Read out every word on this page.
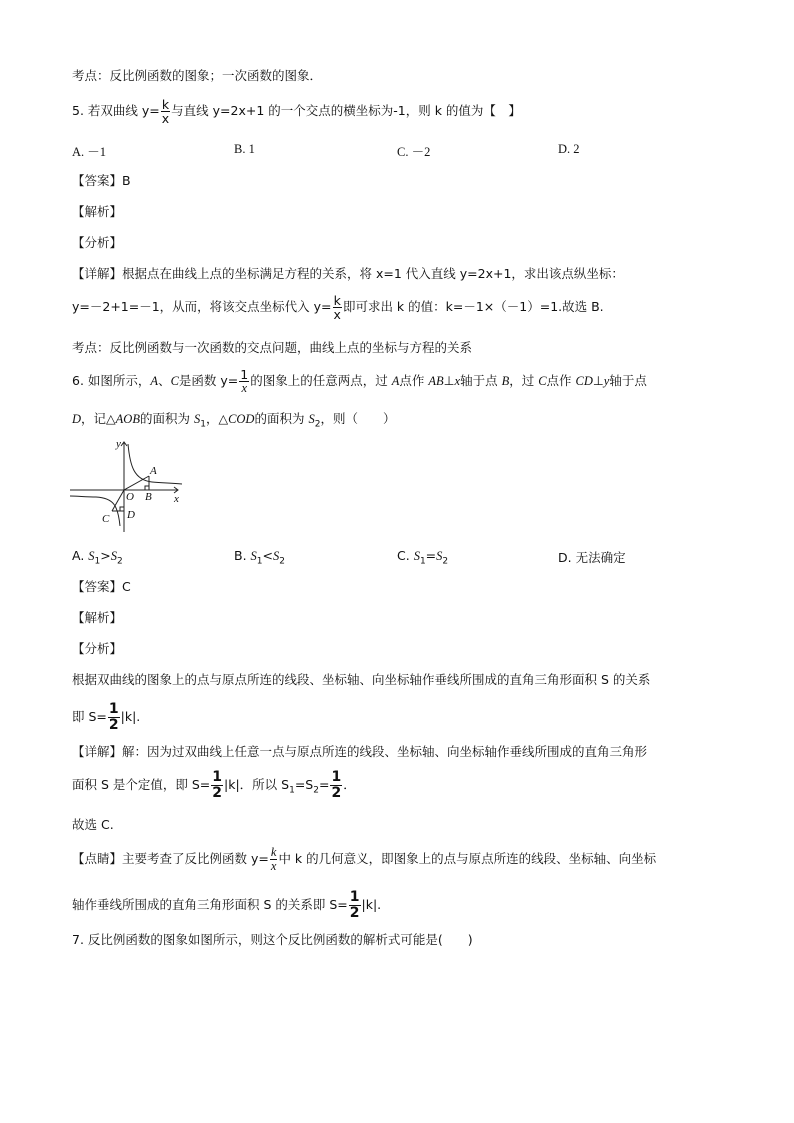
考点：反比例函数的图象；一次函数的图象．
5. 若双曲线 $y= \frac{k}{x}$ 与直线 y=2x+1 的一个交点的横坐标为-1，则 k 的值为【　】
A. －1	B. 1	C. －2	D. 2
【答案】B
【解析】
【分析】
【详解】根据点在曲线上点的坐标满足方程的关系，将 x=1 代入直线 y=2x+1，求出该点纵坐标：
y=－2+1=－1，从而，将该交点坐标代入 $y= \frac{k}{x}$ 即可求出 k 的值：k=－1×（－1）=1.故选 B.
考点：反比例函数与一次函数的交点问题，曲线上点的坐标与方程的关系
6. 如图所示，A、C是函数 $y= \frac{1}{x}$ 的图象上的任意两点，过 A点作 AB⊥x轴于点 B，过 C点作 CD⊥y轴于点
D，记△AOB的面积为 $S_1$，△COD的面积为 $S_2$，则（　　）
y
A
B
O	x
C D
A. $S_1>S_2$	B. $S_1<S_2$	C. $S_1=S_2$	D. 无法确定
【答案】C
【解析】
【分析】
根据双曲线的图象上的点与原点所连的线段、坐标轴、向坐标轴作垂线所围成的直角三角形面积 S 的关系
即 $S= \frac{1}{2} |k|$.
【详解】解：因为过双曲线上任意一点与原点所连的线段、坐标轴、向坐标轴作垂线所围成的直角三角形
面积 S 是个定值，即 $S= \frac{1}{2} |k|$．所以 $S_1=S_2= \frac{1}{2}$ ．
故选 C.
【点睛】主要考查了反比例函数 $y= \frac{k}{x}$ 中 k 的几何意义，即图象上的点与原点所连的线段、坐标轴、向坐标
轴作垂线所围成的直角三角形面积 S 的关系即 $S= \frac{1}{2} |k|$.
7. 反比例函数的图象如图所示，则这个反比例函数的解析式可能是(　　)
